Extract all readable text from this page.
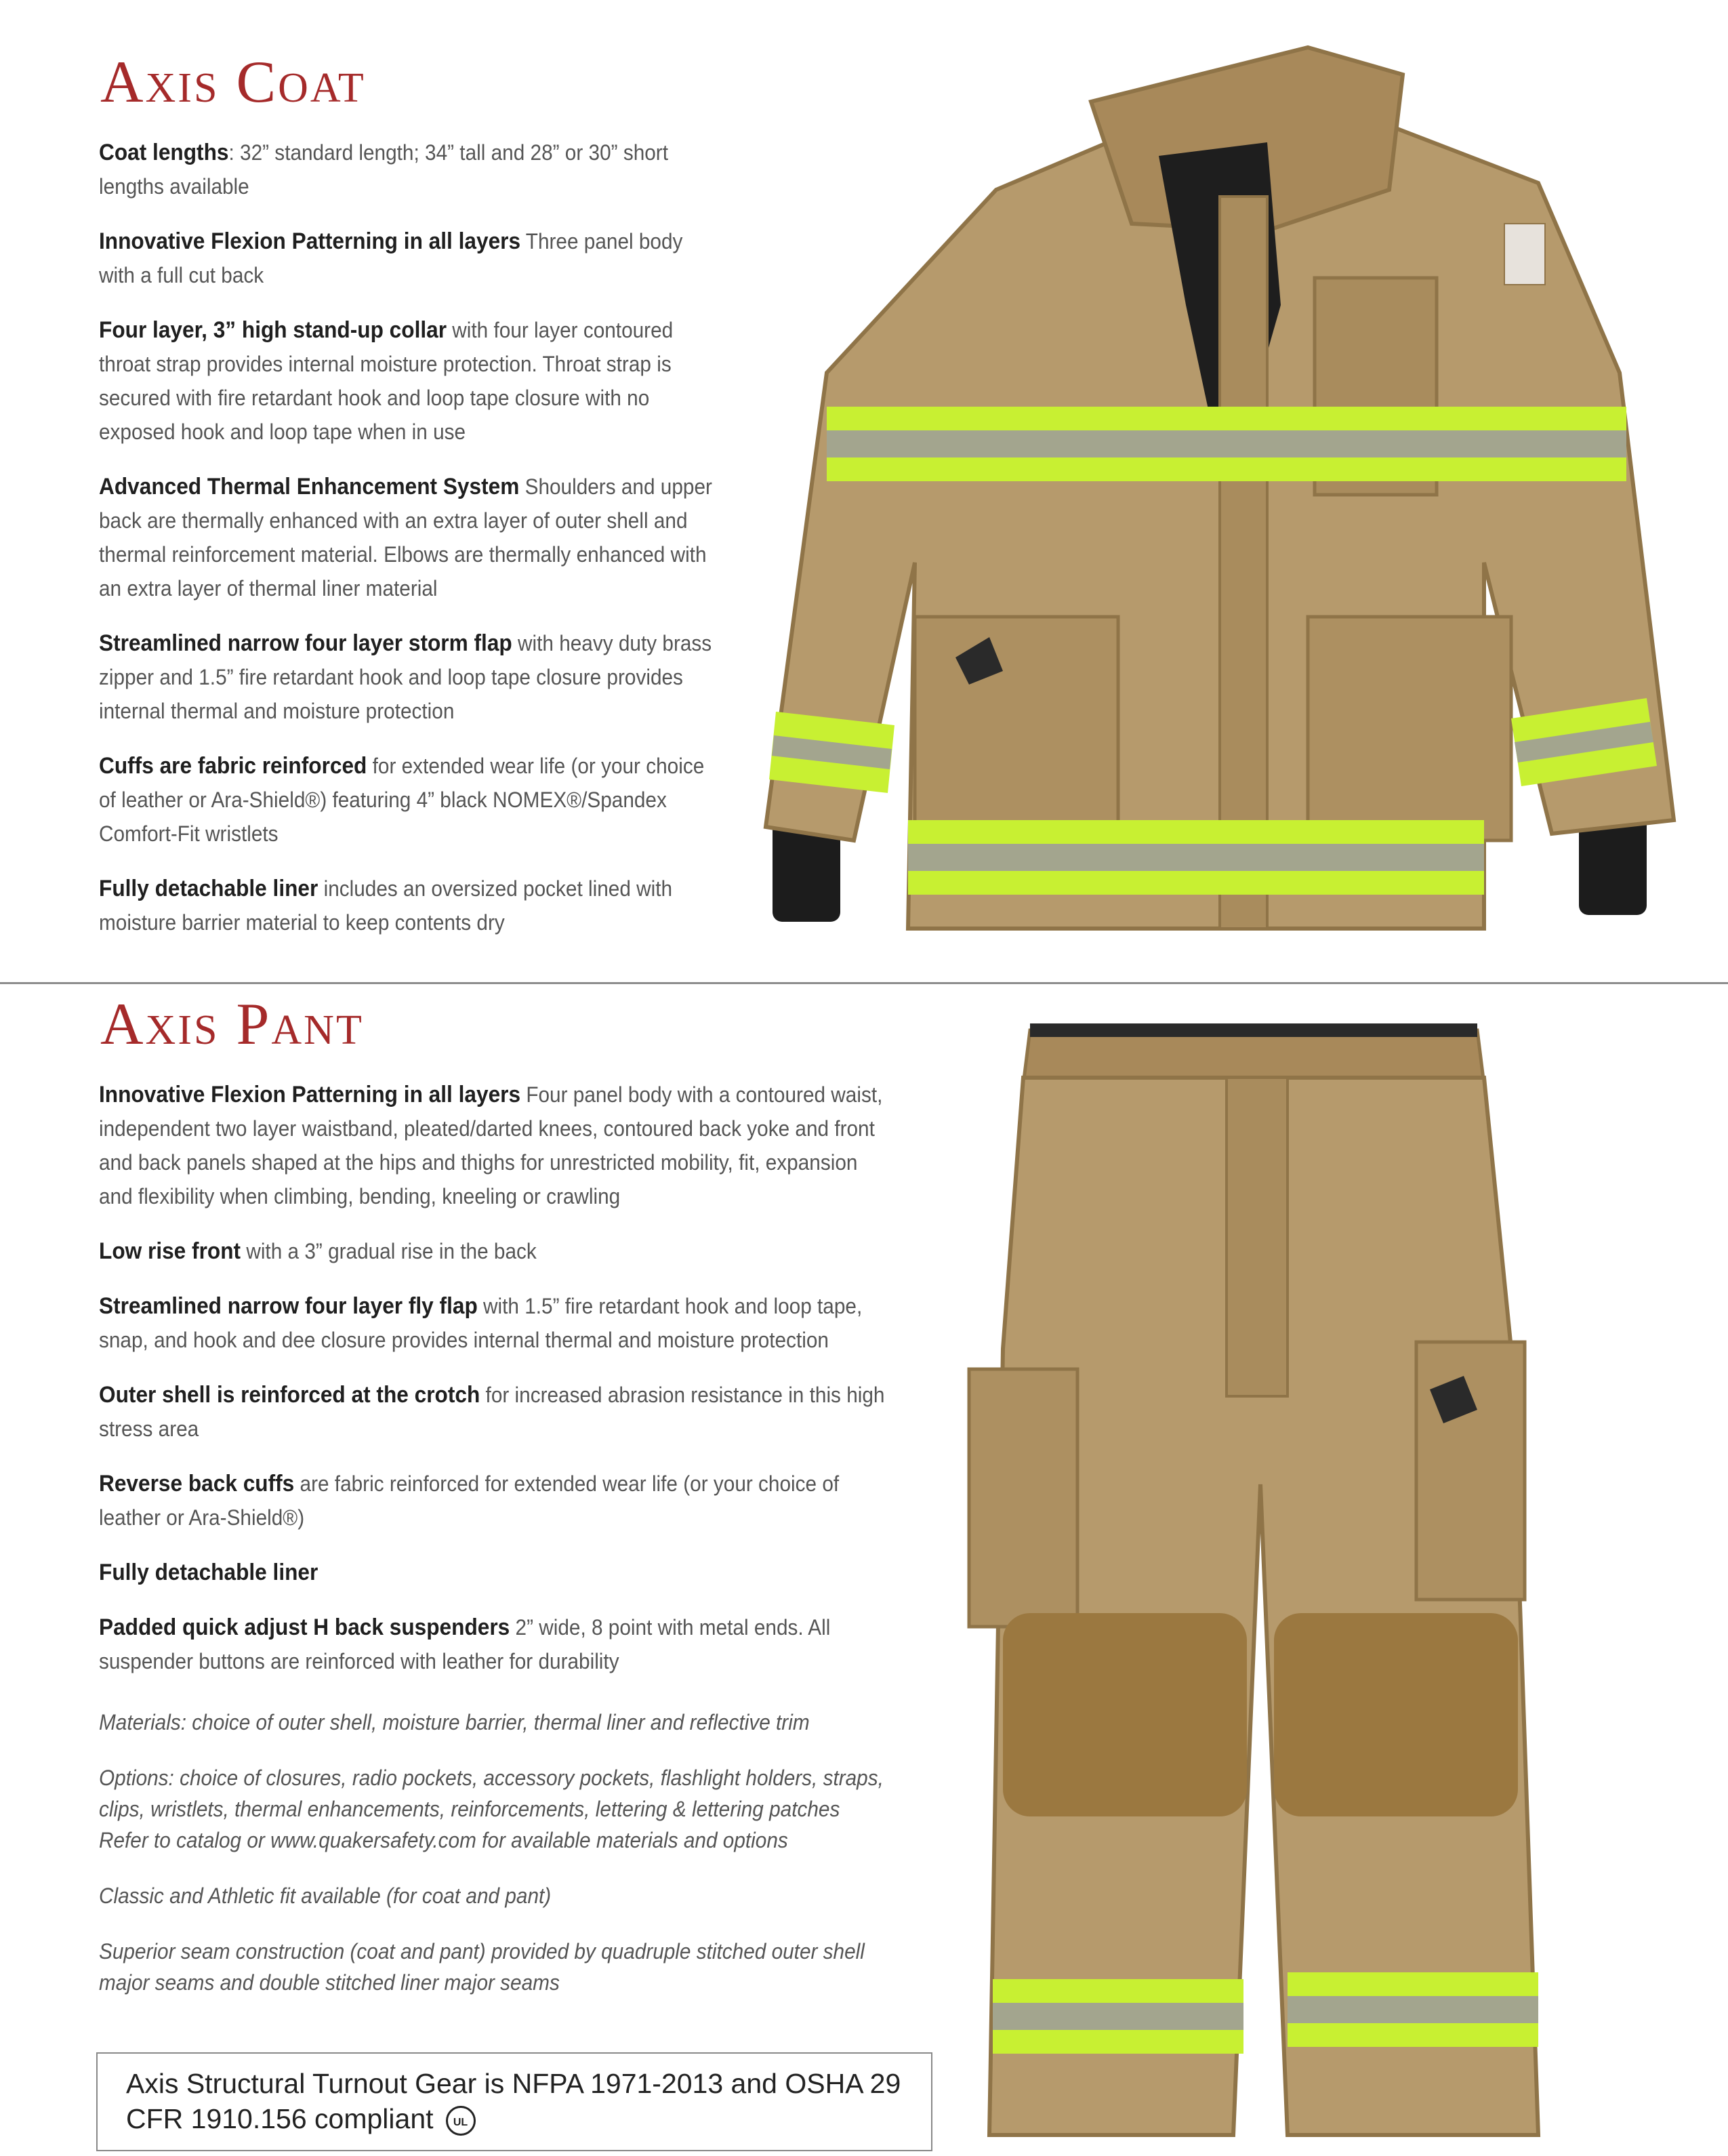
Axis Coat
Coat lengths: 32” standard length; 34” tall and 28” or 30” short lengths available
Innovative Flexion Patterning in all layers Three panel body with a full cut back
Four layer, 3” high stand-up collar with four layer contoured throat strap provides internal moisture protection. Throat strap is secured with fire retardant hook and loop tape closure with no exposed hook and loop tape when in use
Advanced Thermal Enhancement System Shoulders and upper back are thermally enhanced with an extra layer of outer shell and thermal reinforcement material. Elbows are thermally enhanced with an extra layer of thermal liner material
Streamlined narrow four layer storm flap with heavy duty brass zipper and 1.5” fire retardant hook and loop tape closure provides internal thermal and moisture protection
Cuffs are fabric reinforced for extended wear life (or your choice of leather or Ara-Shield®) featuring 4” black NOMEX®/Spandex Comfort-Fit wristlets
Fully detachable liner includes an oversized pocket lined with moisture barrier material to keep contents dry
Axis Pant
Innovative Flexion Patterning in all layers Four panel body with a contoured waist, independent two layer waistband, pleated/darted knees, contoured back yoke and front and back panels shaped at the hips and thighs for unrestricted mobility, fit, expansion and flexibility when climbing, bending, kneeling or crawling
Low rise front with a 3” gradual rise in the back
Streamlined narrow four layer fly flap with 1.5” fire retardant hook and loop tape, snap, and hook and dee closure provides internal thermal and moisture protection
Outer shell is reinforced at the crotch for increased abrasion resistance in this high stress area
Reverse back cuffs are fabric reinforced for extended wear life (or your choice of leather or Ara-Shield®)
Fully detachable liner
Padded quick adjust H back suspenders 2” wide, 8 point with metal ends. All suspender buttons are reinforced with leather for durability

Materials: choice of outer shell, moisture barrier, thermal liner and reflective trim

Options: choice of closures, radio pockets, accessory pockets, flashlight holders, straps,
clips, wristlets, thermal enhancements, reinforcements, lettering & lettering patches
Refer to catalog or www.quakersafety.com for available materials and options

Classic and Athletic fit available (for coat and pant)

Superior seam construction (coat and pant) provided by quadruple stitched outer shell major seams and double stitched liner major seams

Axis Structural Turnout Gear is NFPA 1971-2013 and OSHA 29
CFR 1910.156 compliant UL
